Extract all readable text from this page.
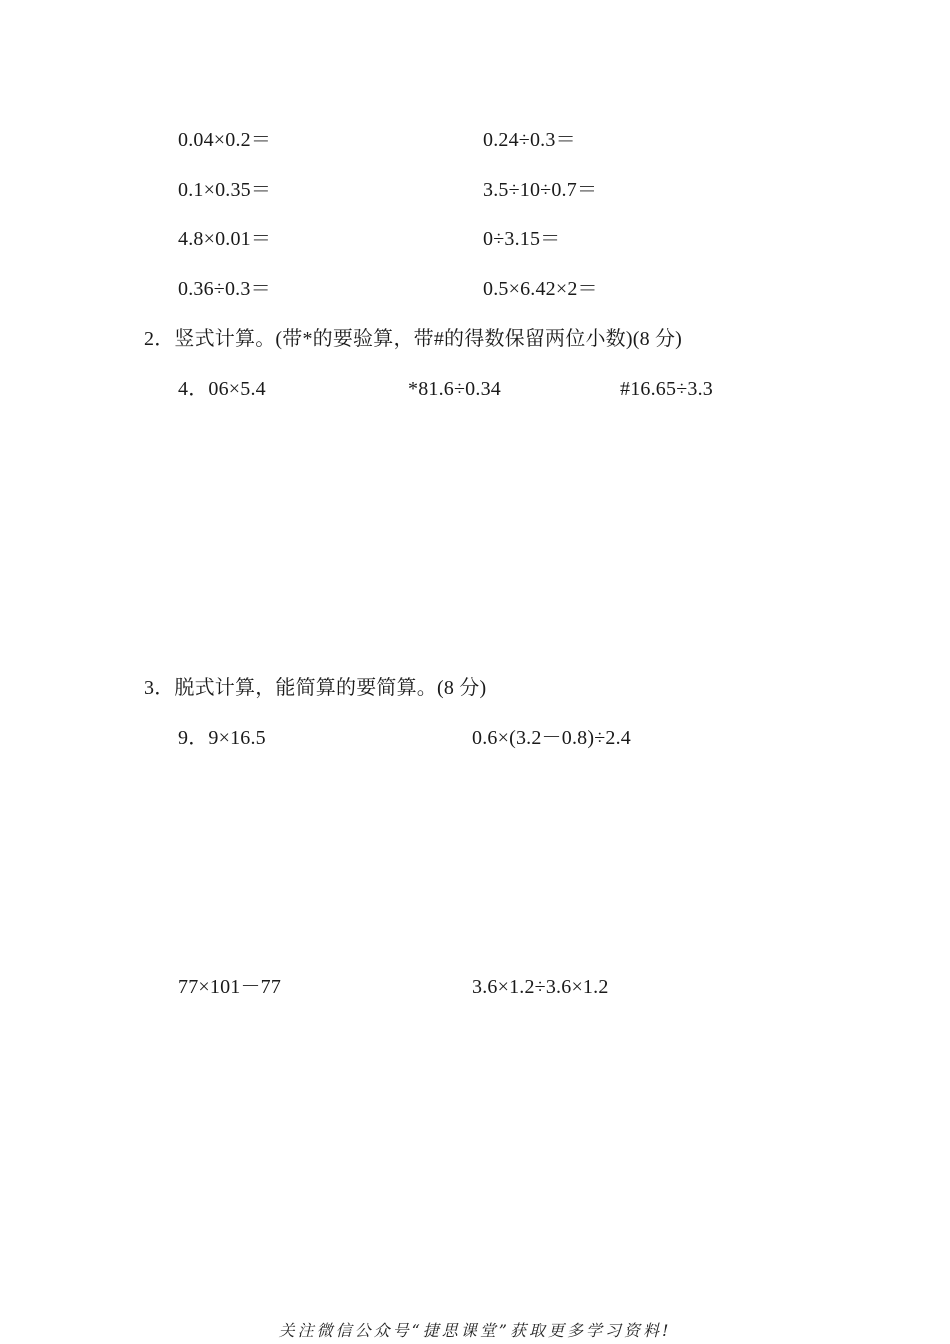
0.04×0.2＝	0.24÷0.3＝
0.1×0.35＝	3.5÷10÷0.7＝
4.8×0.01＝	0÷3.15＝
0.36÷0.3＝	0.5×6.42×2＝
2．竖式计算。(带*的要验算，带#的得数保留两位小数)(8 分)
4．06×5.4	*81.6÷0.34	#16.65÷3.3
3．脱式计算，能简算的要简算。(8 分)
9．9×16.5	0.6×(3.2－0.8)÷2.4
77×101－77	3.6×1.2÷3.6×1.2
关注微信公众号“捷思课堂”获取更多学习资料!
